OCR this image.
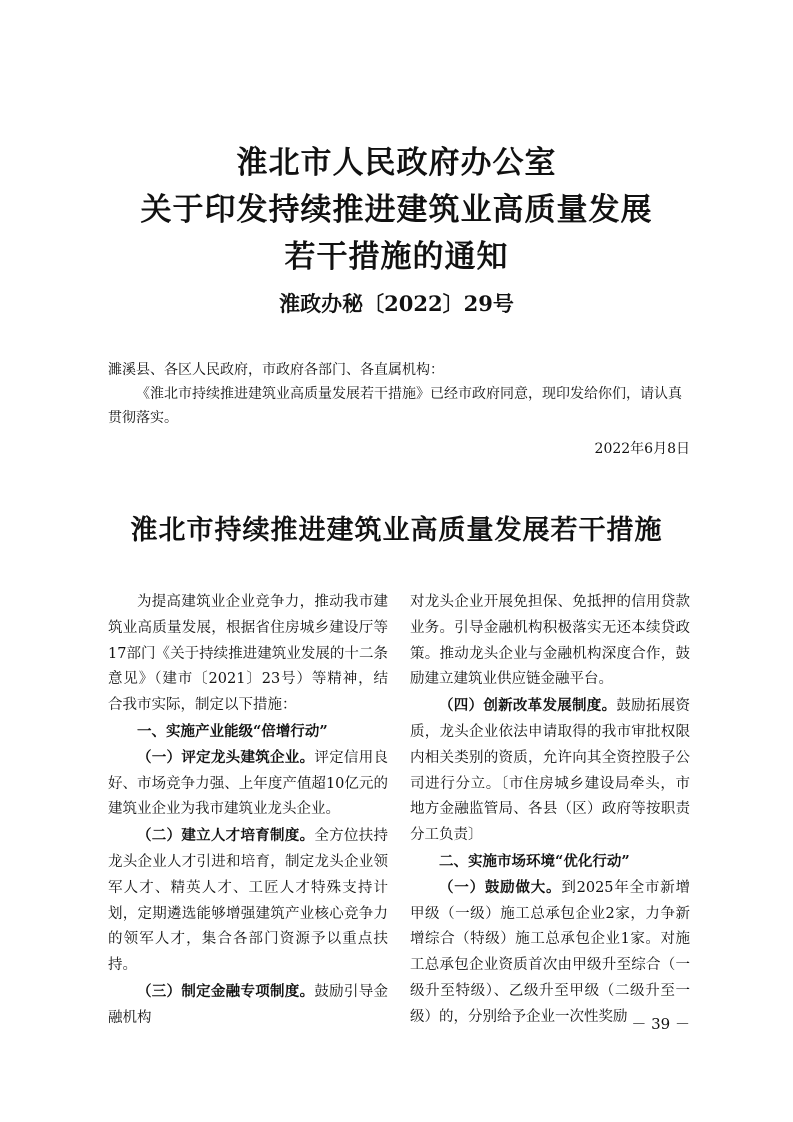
淮北市人民政府办公室

关于印发持续推进建筑业高质量发展

若干措施的通知

淮政办秘〔2022〕29号

濉溪县、各区人民政府，市政府各部门、各直属机构：

《淮北市持续推进建筑业高质量发展若干措施》已经市政府同意，现印发给你们，请认真贯彻落实。

2022年6月8日
淮北市持续推进建筑业高质量发展若干措施

为提高建筑业企业竞争力，推动我市建筑业高质量发展，根据省住房城乡建设厅等17部门《关于持续推进建筑业发展的十二条意见》（建市〔2021〕23号）等精神，结合我市实际，制定以下措施：

一、实施产业能级“倍增行动”

（一）评定龙头建筑企业。评定信用良好、市场竞争力强、上年度产值超10亿元的建筑业企业为我市建筑业龙头企业。

（二）建立人才培育制度。全方位扶持龙头企业人才引进和培育，制定龙头企业领军人才、精英人才、工匠人才特殊支持计划，定期遴选能够增强建筑产业核心竞争力的领军人才，集合各部门资源予以重点扶持。

（三）制定金融专项制度。鼓励引导金融机构

对龙头企业开展免担保、免抵押的信用贷款业务。引导金融机构积极落实无还本续贷政策。推动龙头企业与金融机构深度合作，鼓励建立建筑业供应链金融平台。

（四）创新改革发展制度。鼓励拓展资质，龙头企业依法申请取得的我市审批权限内相关类别的资质，允许向其全资控股子公司进行分立。〔市住房城乡建设局牵头，市地方金融监管局、各县（区）政府等按职责分工负责〕

二、实施市场环境“优化行动”

（一）鼓励做大。到2025年全市新增甲级（一级）施工总承包企业2家，力争新增综合（特级）施工总承包企业1家。对施工总承包企业资质首次由甲级升至综合（一级升至特级）、乙级升至甲级（二级升至一级）的，分别给予企业一次性奖励 － 39 －
